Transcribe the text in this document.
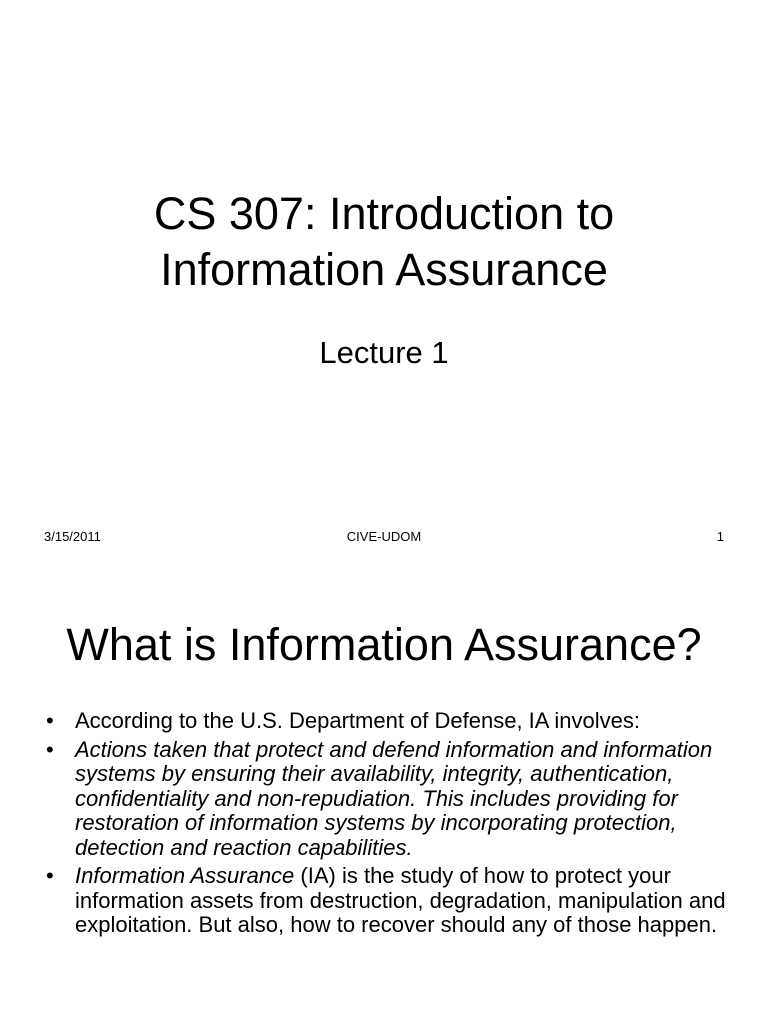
CS 307: Introduction to
Information Assurance
Lecture 1
3/15/2011	CIVE-UDOM	1
What is Information Assurance?
• According to the U.S. Department of Defense, IA involves:
• Actions taken that protect and defend information and information systems by ensuring their availability, integrity, authentication, confidentiality and non-repudiation. This includes providing for restoration of information systems by incorporating protection, detection and reaction capabilities.
• Information Assurance (IA) is the study of how to protect your information assets from destruction, degradation, manipulation and exploitation. But also, how to recover should any of those happen.
